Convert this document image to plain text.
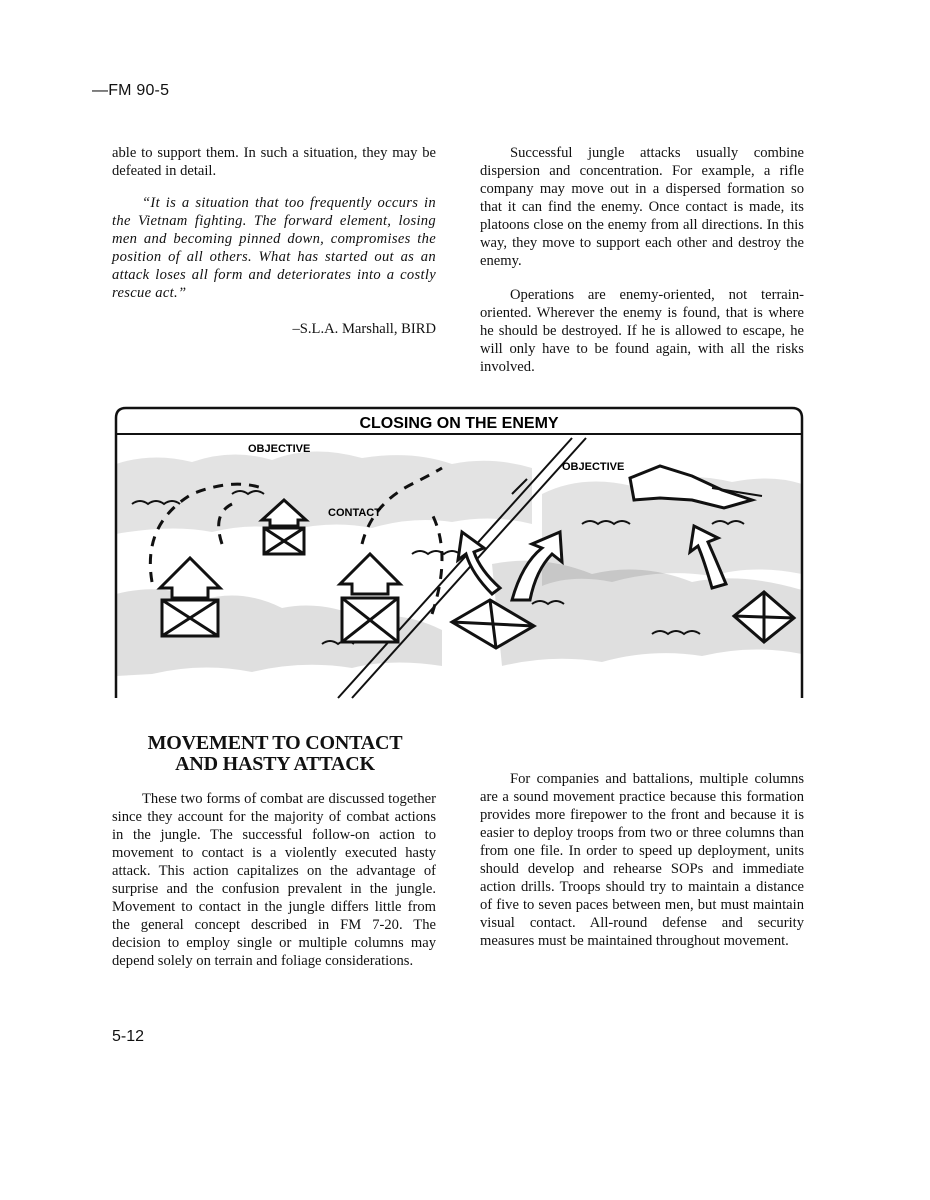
—FM 90-5

able to support them. In such a situation, they may be defeated in detail.

“It is a situation that too frequently occurs in the Vietnam fighting. The forward element, losing men and becoming pinned down, compromises the position of all others. What has started out as an attack loses all form and deteriorates into a costly rescue act.”

–S.L.A. Marshall, BIRD

Successful jungle attacks usually combine dispersion and concentration. For example, a rifle company may move out in a dispersed formation so that it can find the enemy. Once contact is made, its platoons close on the enemy from all directions. In this way, they move to support each other and destroy the enemy.

Operations are enemy-oriented, not terrain-oriented. Wherever the enemy is found, that is where he should be destroyed. If he is allowed to escape, he will only have to be found again, with all the risks involved.

CLOSING ON THE ENEMY
OBJECTIVE
CONTACT
OBJECTIVE
MOVEMENT TO CONTACT
AND HASTY ATTACK

These two forms of combat are discussed together since they account for the majority of combat actions in the jungle. The successful follow-on action to movement to contact is a violently executed hasty attack. This action capitalizes on the advantage of surprise and the confusion prevalent in the jungle. Movement to contact in the jungle differs little from the general concept described in FM 7-20. The decision to employ single or multiple columns may depend solely on terrain and foliage considerations.

For companies and battalions, multiple columns are a sound movement practice because this formation provides more firepower to the front and because it is easier to deploy troops from two or three columns than from one file. In order to speed up deployment, units should develop and rehearse SOPs and immediate action drills. Troops should try to maintain a distance of five to seven paces between men, but must maintain visual contact. All-round defense and security measures must be maintained throughout movement.

5-12
